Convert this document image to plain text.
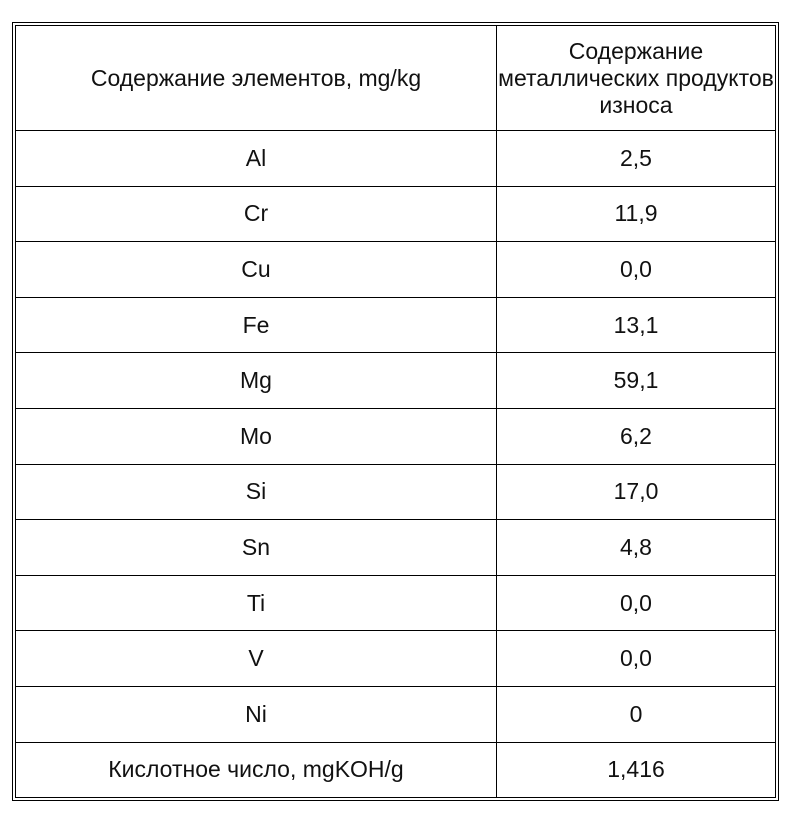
Содержание элементов, mg/kg	Содержание металлических продуктов износа
Al	2,5
Cr	11,9
Cu	0,0
Fe	13,1
Mg	59,1
Mo	6,2
Si	17,0
Sn	4,8
Ti	0,0
V	0,0
Ni	0
Кислотное число, mgKOH/g	1,416
